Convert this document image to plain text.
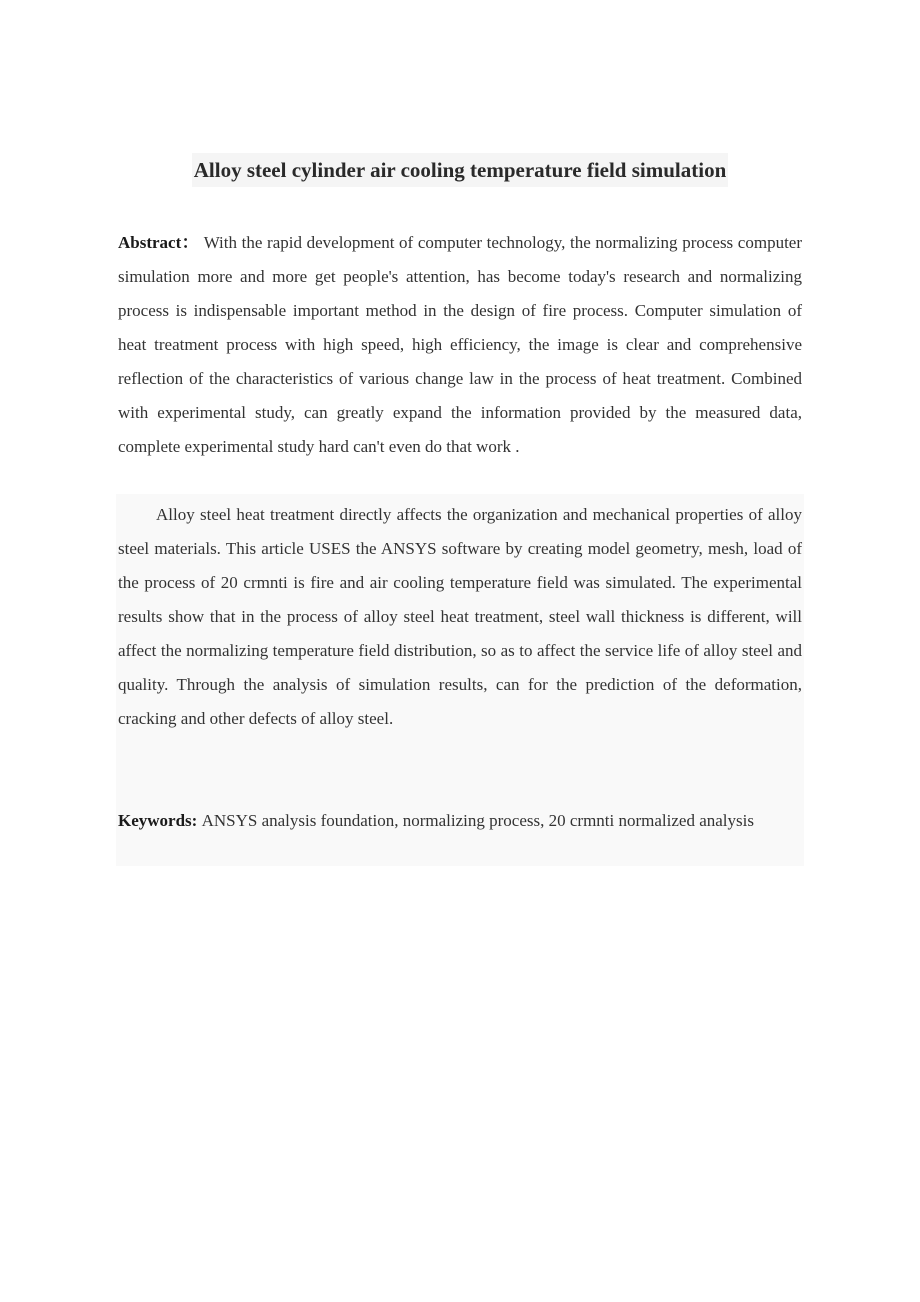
Alloy steel cylinder air cooling temperature field simulation

Abstract： With the rapid development of computer technology, the normalizing process computer simulation more and more get people's attention, has become today's research and normalizing process is indispensable important method in the design of fire process. Computer simulation of heat treatment process with high speed, high efficiency, the image is clear and comprehensive reflection of the characteristics of various change law in the process of heat treatment. Combined with experimental study, can greatly expand the information provided by the measured data, complete experimental study hard can't even do that work .

Alloy steel heat treatment directly affects the organization and mechanical properties of alloy steel materials. This article USES the ANSYS software by creating model geometry, mesh, load of the process of 20 crmnti is fire and air cooling temperature field was simulated. The experimental results show that in the process of alloy steel heat treatment, steel wall thickness is different, will affect the normalizing temperature field distribution, so as to affect the service life of alloy steel and quality. Through the analysis of simulation results, can for the prediction of the deformation, cracking and other defects of alloy steel.

Keywords: ANSYS analysis foundation, normalizing process, 20 crmnti normalized analysis
